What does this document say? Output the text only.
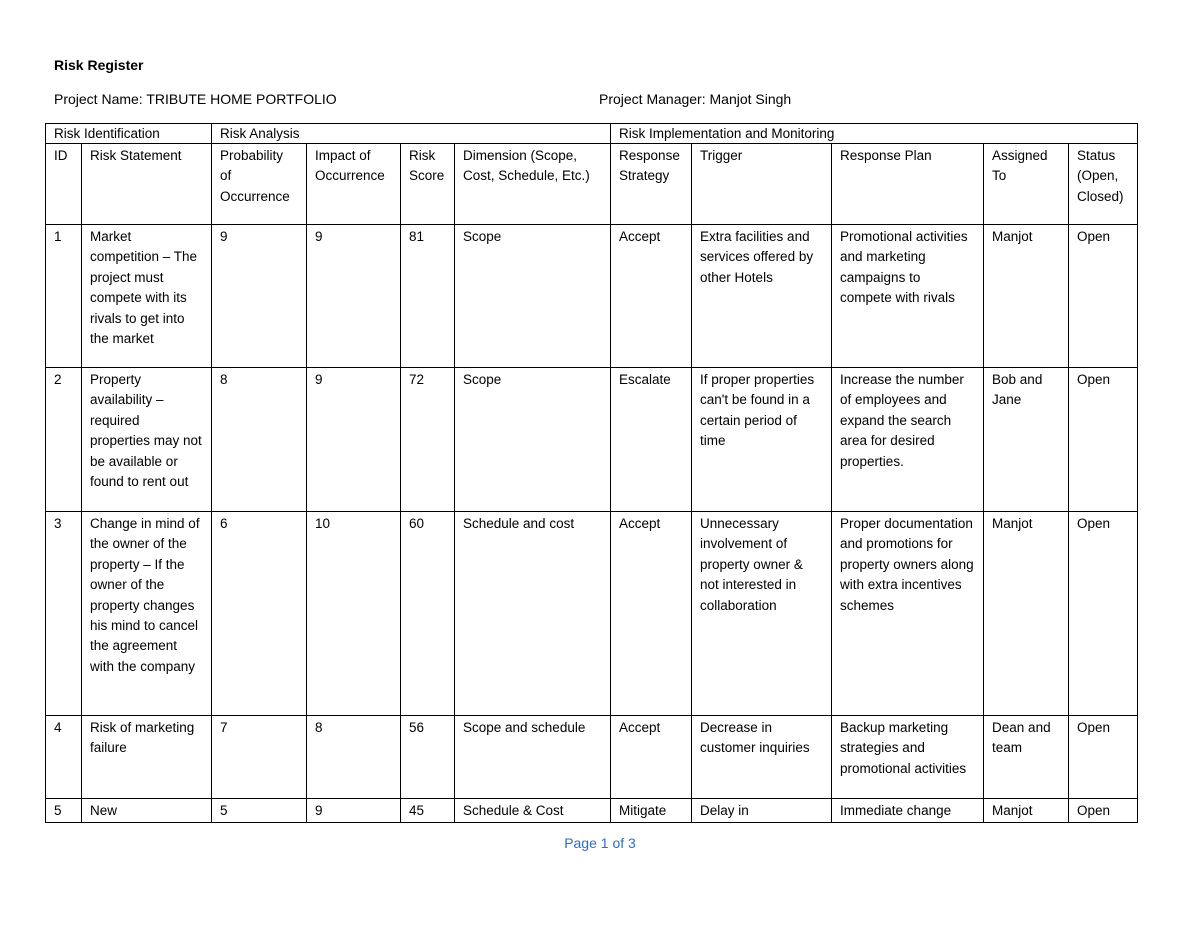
Risk Register
Project Name: TRIBUTE HOME PORTFOLIO	Project Manager: Manjot Singh
Risk Identification		Risk Analysis				Risk Implementation and Monitoring				
ID	Risk Statement	Probability of Occurrence	Impact of Occurrence	Risk Score	Dimension (Scope, Cost, Schedule, Etc.)	Response Strategy	Trigger	Response Plan	Assigned To	Status (Open, Closed)
1	Market competition – The project must compete with its rivals to get into the market	9	9	81	Scope	Accept	Extra facilities and services offered by other Hotels	Promotional activities and marketing campaigns to compete with rivals	Manjot	Open
2	Property availability – required properties may not be available or found to rent out	8	9	72	Scope	Escalate	If proper properties can't be found in a certain period of time	Increase the number of employees and expand the search area for desired properties.	Bob and Jane	Open
3	Change in mind of the owner of the property – If the owner of the property changes his mind to cancel the agreement with the company	6	10	60	Schedule and cost	Accept	Unnecessary involvement of property owner & not interested in collaboration	Proper documentation and promotions for property owners along with extra incentives schemes	Manjot	Open
4	Risk of marketing failure	7	8	56	Scope and schedule	Accept	Decrease in customer inquiries	Backup marketing strategies and promotional activities	Dean and team	Open

5	New	5	9	45	Schedule & Cost	Mitigate	Delay in	Immediate change	Manjot	Open
Page 1 of 3
